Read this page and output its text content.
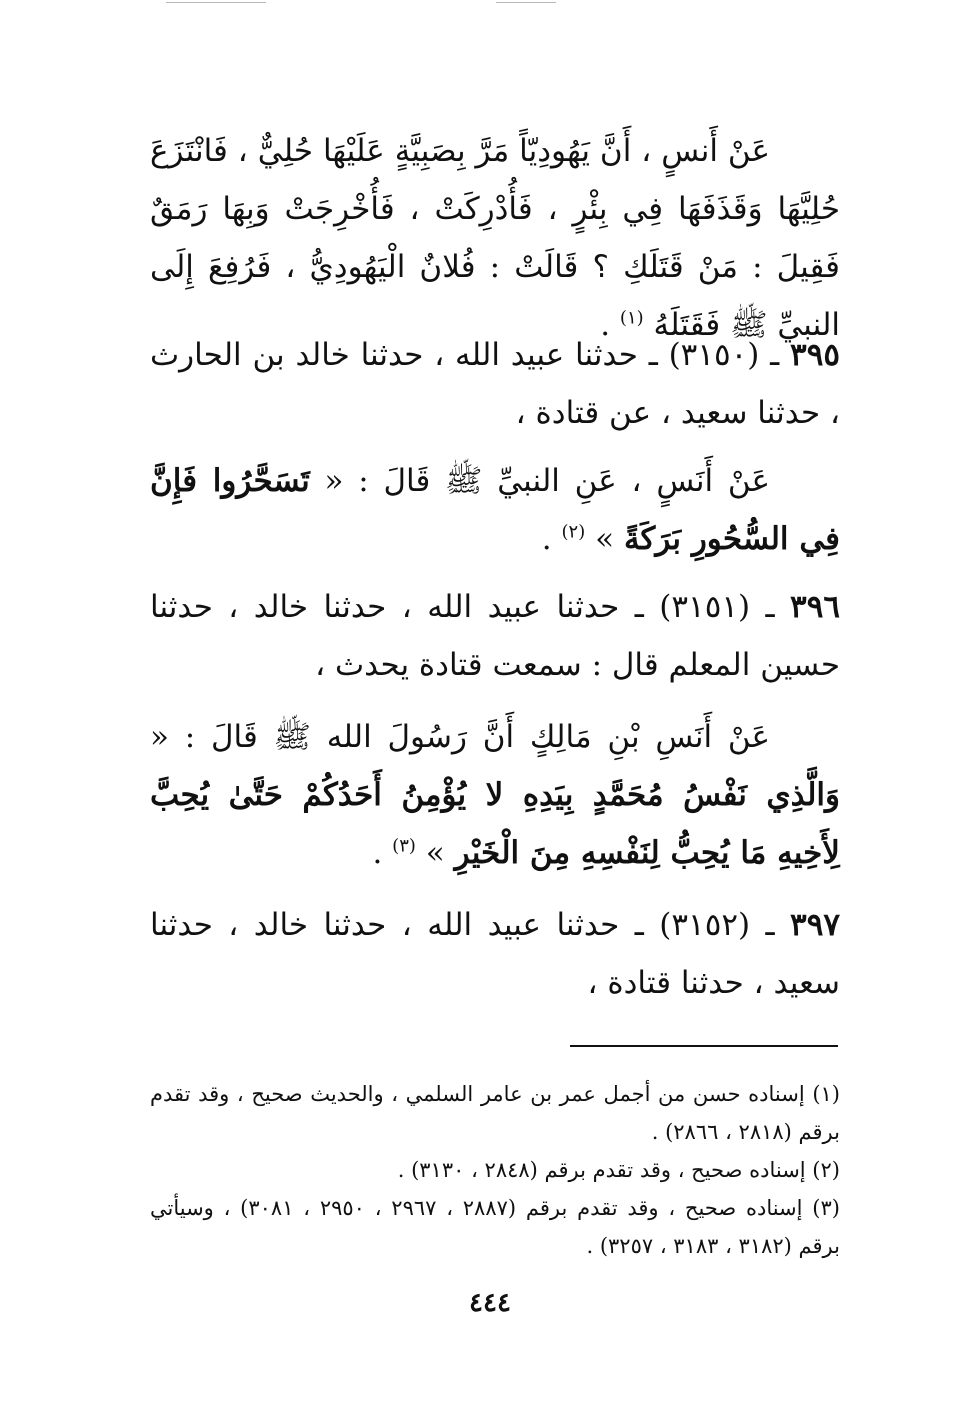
عَنْ أَنسٍ ، أَنَّ يَهُودِيّاً مَرَّ بِصَبِيَّةٍ عَلَيْهَا حُلِيٌّ ، فَانْتَزَعَ حُلِيَّهَا وَقَذَفَهَا فِي بِئْرٍ ، فَأُدْرِكَتْ ، فَأُخْرِجَتْ وَبِهَا رَمَقٌ فَقِيلَ : مَنْ قَتَلَكِ ؟ قَالَتْ : فُلانٌ الْيَهُودِيُّ ، فَرُفِعَ إِلَى النبيِّ ﷺ فَقَتَلَهُ $^{(١)}$ .
٣٩٥ ـ (٣١٥٠) ـ حدثنا عبيد الله ، حدثنا خالد بن الحارث ، حدثنا سعيد ، عن قتادة ،
عَنْ أَنَسٍ ، عَنِ النبيِّ ﷺ قَالَ : « تَسَحَّرُوا فَإِنَّ فِي السُّحُورِ بَرَكَةً » $^{(٢)}$ .
٣٩٦ ـ (٣١٥١) ـ حدثنا عبيد الله ، حدثنا خالد ، حدثنا حسين المعلم قال : سمعت قتادة يحدث ،
عَنْ أَنَسِ بْنِ مَالِكٍ أَنَّ رَسُولَ الله ﷺ قَالَ : « وَالَّذِي نَفْسُ مُحَمَّدٍ بِيَدِهِ لا يُؤْمِنُ أَحَدُكُمْ حَتَّىٰ يُحِبَّ لِأَخِيهِ مَا يُحِبُّ لِنَفْسِهِ مِنَ الْخَيْرِ » $^{(٣)}$ .
٣٩٧ ـ (٣١٥٢) ـ حدثنا عبيد الله ، حدثنا خالد ، حدثنا سعيد ، حدثنا قتادة ،

(١) إسناده حسن من أجمل عمر بن عامر السلمي ، والحديث صحيح ، وقد تقدم برقم (٢٨١٨ ، ٢٨٦٦) .

(٢) إسناده صحيح ، وقد تقدم برقم (٢٨٤٨ ، ٣١٣٠) .

(٣) إسناده صحيح ، وقد تقدم برقم (٢٨٨٧ ، ٢٩٦٧ ، ٢٩٥٠ ، ٣٠٨١) ، وسيأتي برقم (٣١٨٢ ، ٣١٨٣ ، ٣٢٥٧) .

٤٤٤
